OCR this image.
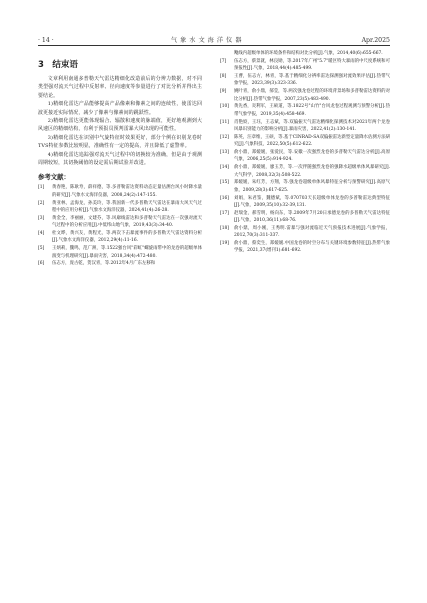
· 14 ·	气象水文海洋仪器	Apr.2025
3　结束语

文章利用南通多普勒天气雷达精细化改造前后的分辨力数据，对不同类型强对流天气过程中反射率、径向速度等参量进行了对比分析并得出主要结论。

1)精细化雷达产品能够提高产品像素和像素之间的连续性，使雷达回波更接近实际情况，减少了像素与像素间的跳跃性。

2)精细化雷达更能体现辐合、辐散和速度的脉端值，更好地观测到大风速区的精细结构，有利于预报员预判雷暴大风出现的可能性。

3)精细化雷达在识别中气旋特征时效果更好，部分个例在识别龙卷时TVS特征参数比较明显，准确性有一定的提高，并且降低了虚警率。

4)精细化雷达追踪强对流天气过程中的切换较为准确，但是由于观测周期较短，其切换阈值的设定需后期试验并改进。

参考文献：
[1]	黄春艳，陈耿寿，薛祥德，等.多普勒雷达资料动态定量估测台风小时降水量的研究[J].气象水文海洋仪器，2008,24(2):147-155.
[2]	黄亚林，孟海龙，孙美玲，等.我国新一代多普勒天气雷达在暴雨大风天气过程中的应用分析[J].气象水文海洋仪器，2024,41(4):26-28.
[3]	黄金全，李丽丽，文建芬，等.风廓线雷达和多普勒天气雷达在一次强对流天气过程中的分析应用[J].中低纬山地气象，2019,43(3):34-40.
[4]	杜文晔，黄兴友，黄程光，等.两次下击暴流事件的多普勒天气雷达资料分析[J].气象水文海洋仪器，2012,29(4):11-16.
[5]	王炳莉，魏鸣，范广洲，等.1522强台风"彩虹"螺旋雨带中的龙卷的超级单体演变与机理研究[J].暴雨灾害，2018,34(4):472-480.
[6]	伍志方，庞古乾，贺汉青，等.2012年4月广东左移和
飑线内超级单体的环境条件和结构对比分析[J].气象，2014,40(6):655-667.
[7]	伍志方，蔡景就，林良勋，等.2017年广州"5.7"暖区特大暴雨的中尺度系统和可预报性[J].气象，2018,44(4):485-499.
[8]	王曹，伍志方，林青，等.基于精细化分辨率雷达探测强对流效果评估[J].热带气象学报，2023,39(3):323-336.
[9]	姚叶青，俞小鼎，郝莹，等.两次强龙卷过程的环境背景场和多普勒雷达资料的对比分析[J].热带气象学报，2007,23(5):483-490.
[10]	黄先香，炎利军，王硕道，等.1822号"山竹"台风龙卷过程观测与预警分析[J].热带气象学报，2019,35(4):458-469.
[11]	肖艳姣，王珏，王志斌，等.双偏振天气雷达精细化探测技术对2021年两个龙卷风暴识别能力的影响分析[J].暴雨灾害，2022,41(2):130-141.
[12]	陈英，汪章维，王硕，等.基于CINRAD-SA双偏振雷达新型定量降水估测方法研究[J].气象科技，2022,50(5):612-622.
[13]	俞小鼎，郑媛媛，张爱民，等.安徽一次强烈龙卷的多普勒天气雷达分析[J].高原气象，2006,25(5):914-924.
[14]	俞小鼎，郑媛媛，廖玉芳，等.一次伴随强烈龙卷的强降水超级单体风暴研究[J].大气科学，2008,32(3):508-522.
[15]	郑媛媛，朱红芳，方翔，等.强龙卷超级单体风暴特征分析与预警研究[J].高原气象，2009,28(3):617-625.
[16]	刘娟，朱君鉴，魏德斌，等.070703天长超级单体龙卷的多普勒雷达典型特征[J].气象，2009,35(10):32-39,131.
[17]	赵瑞金，郝雪明，杨向东，等.2009年7月20日承德龙卷的多普勒天气雷达特征[J].气象，2010,36(11):68-76.
[18]	俞小鼎，周小刚，王秀明.雷暴与强对流临近天气预报技术进展[J].气象学报，2012,70(3):311-337.
[19]	俞小鼎，蔡奕生，郑媛媛.中国龙卷的时空分布与关键环境参数特征[J].热带气象学报，2021,37(增刊1):681-692.
